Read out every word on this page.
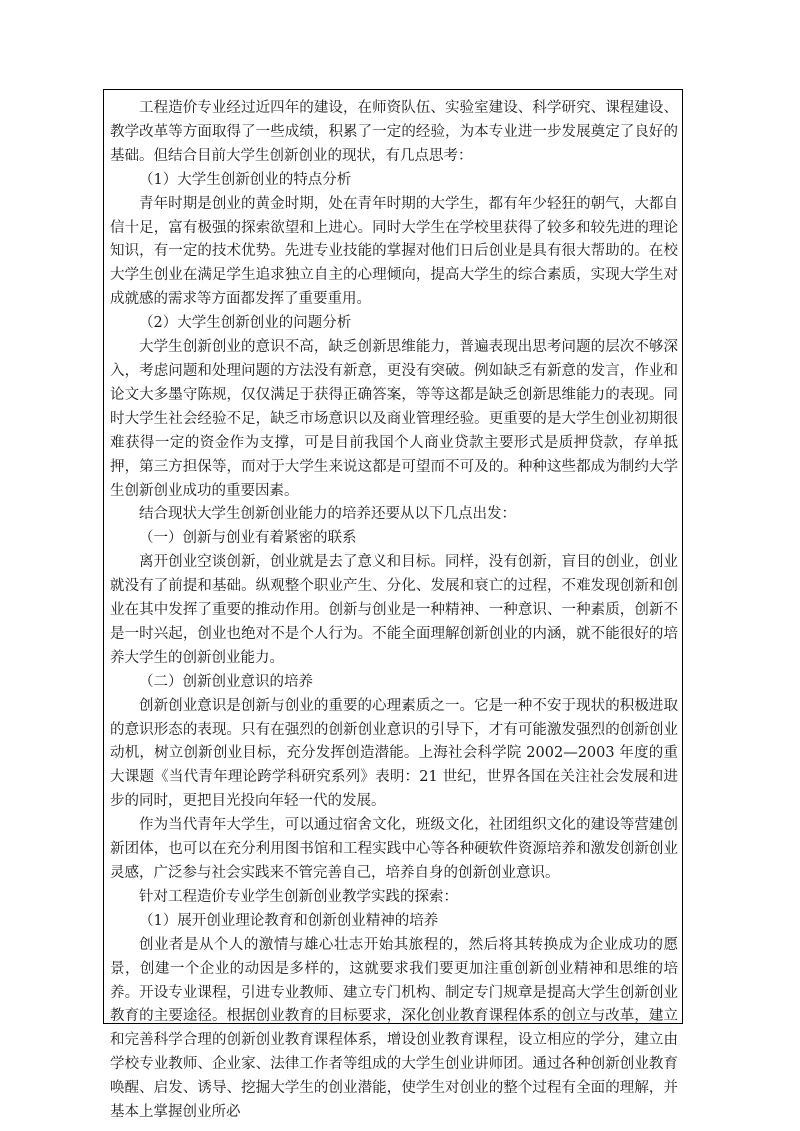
工程造价专业经过近四年的建设，在师资队伍、实验室建设、科学研究、课程建设、教学改革等方面取得了一些成绩，积累了一定的经验，为本专业进一步发展奠定了良好的基础。但结合目前大学生创新创业的现状，有几点思考：

（1）大学生创新创业的特点分析

青年时期是创业的黄金时期，处在青年时期的大学生，都有年少轻狂的朝气，大都自信十足，富有极强的探索欲望和上进心。同时大学生在学校里获得了较多和较先进的理论知识，有一定的技术优势。先进专业技能的掌握对他们日后创业是具有很大帮助的。在校大学生创业在满足学生追求独立自主的心理倾向，提高大学生的综合素质，实现大学生对成就感的需求等方面都发挥了重要重用。

（2）大学生创新创业的问题分析

大学生创新创业的意识不高，缺乏创新思维能力，普遍表现出思考问题的层次不够深入，考虑问题和处理问题的方法没有新意，更没有突破。例如缺乏有新意的发言，作业和论文大多墨守陈规，仅仅满足于获得正确答案，等等这都是缺乏创新思维能力的表现。同时大学生社会经验不足，缺乏市场意识以及商业管理经验。更重要的是大学生创业初期很难获得一定的资金作为支撑，可是目前我国个人商业贷款主要形式是质押贷款，存单抵押，第三方担保等，而对于大学生来说这都是可望而不可及的。种种这些都成为制约大学生创新创业成功的重要因素。

结合现状大学生创新创业能力的培养还要从以下几点出发：

（一）创新与创业有着紧密的联系

离开创业空谈创新，创业就是去了意义和目标。同样，没有创新，盲目的创业，创业就没有了前提和基础。纵观整个职业产生、分化、发展和衰亡的过程，不难发现创新和创业在其中发挥了重要的推动作用。创新与创业是一种精神、一种意识、一种素质，创新不是一时兴起，创业也绝对不是个人行为。不能全面理解创新创业的内涵，就不能很好的培养大学生的创新创业能力。

（二）创新创业意识的培养

创新创业意识是创新与创业的重要的心理素质之一。它是一种不安于现状的积极进取的意识形态的表现。只有在强烈的创新创业意识的引导下，才有可能激发强烈的创新创业动机，树立创新创业目标，充分发挥创造潜能。上海社会科学院 2002—2003 年度的重大课题《当代青年理论跨学科研究系列》表明：21 世纪，世界各国在关注社会发展和进步的同时，更把目光投向年轻一代的发展。

作为当代青年大学生，可以通过宿舍文化，班级文化，社团组织文化的建设等营建创新团体，也可以在充分利用图书馆和工程实践中心等各种硬软件资源培养和激发创新创业灵感，广泛参与社会实践来不管完善自己，培养自身的创新创业意识。

针对工程造价专业学生创新创业教学实践的探索：

（1）展开创业理论教育和创新创业精神的培养

创业者是从个人的激情与雄心壮志开始其旅程的，然后将其转换成为企业成功的愿景，创建一个企业的动因是多样的，这就要求我们要更加注重创新创业精神和思维的培养。开设专业课程，引进专业教师、建立专门机构、制定专门规章是提高大学生创新创业教育的主要途径。根据创业教育的目标要求，深化创业教育课程体系的创立与改革，建立和完善科学合理的创新创业教育课程体系，增设创业教育课程，设立相应的学分，建立由学校专业教师、企业家、法律工作者等组成的大学生创业讲师团。通过各种创新创业教育唤醒、启发、诱导、挖掘大学生的创业潜能，使学生对创业的整个过程有全面的理解，并基本上掌握创业所必
